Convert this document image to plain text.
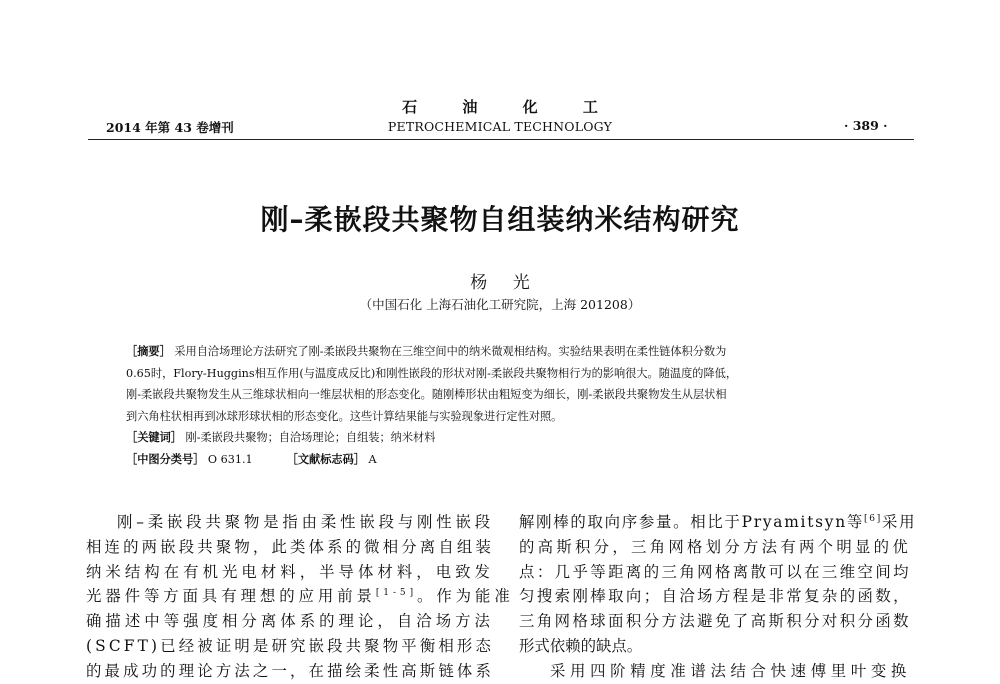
石 油 化 工
2014 年第 43 卷增刊	PETROCHEMICAL TECHNOLOGY	· 389 ·
刚–柔嵌段共聚物自组装纳米结构研究
杨 光
（中国石化 上海石油化工研究院，上海 201208）
［摘要］ 采用自洽场理论方法研究了刚-柔嵌段共聚物在三维空间中的纳米微观相结构。实验结果表明在柔性链体积分数为
0.65时，Flory-Huggins相互作用(与温度成反比)和刚性嵌段的形状对刚-柔嵌段共聚物相行为的影响很大。随温度的降低，
刚-柔嵌段共聚物发生从三维球状相向一维层状相的形态变化。随刚棒形状由粗短变为细长，刚-柔嵌段共聚物发生从层状相
到六角柱状相再到冰球形球状相的形态变化。这些计算结果能与实验现象进行定性对照。
［关键词］ 刚-柔嵌段共聚物；自洽场理论；自组装；纳米材料
［中图分类号］ O 631.1	［文献标志码］ A
刚–柔嵌段共聚物是指由柔性嵌段与刚性嵌段
相连的两嵌段共聚物，此类体系的微相分离自组装
纳米结构在有机光电材料，半导体材料，电致发
光器件等方面具有理想的应用前景[1-5]。作为能准
确描述中等强度相分离体系的理论，自洽场方法
(SCFT)已经被证明是研究嵌段共聚物平衡相形态
的最成功的理论方法之一，在描绘柔性高斯链体系
解刚棒的取向序参量。相比于Pryamitsyn等[6]采用
的高斯积分，三角网格划分方法有两个明显的优
点：几乎等距离的三角网格离散可以在三维空间均
匀搜索刚棒取向；自洽场方程是非常复杂的函数，
三角网格球面积分方法避免了高斯积分对积分函数
形式依赖的缺点。
采用四阶精度准谱法结合快速傅里叶变换
